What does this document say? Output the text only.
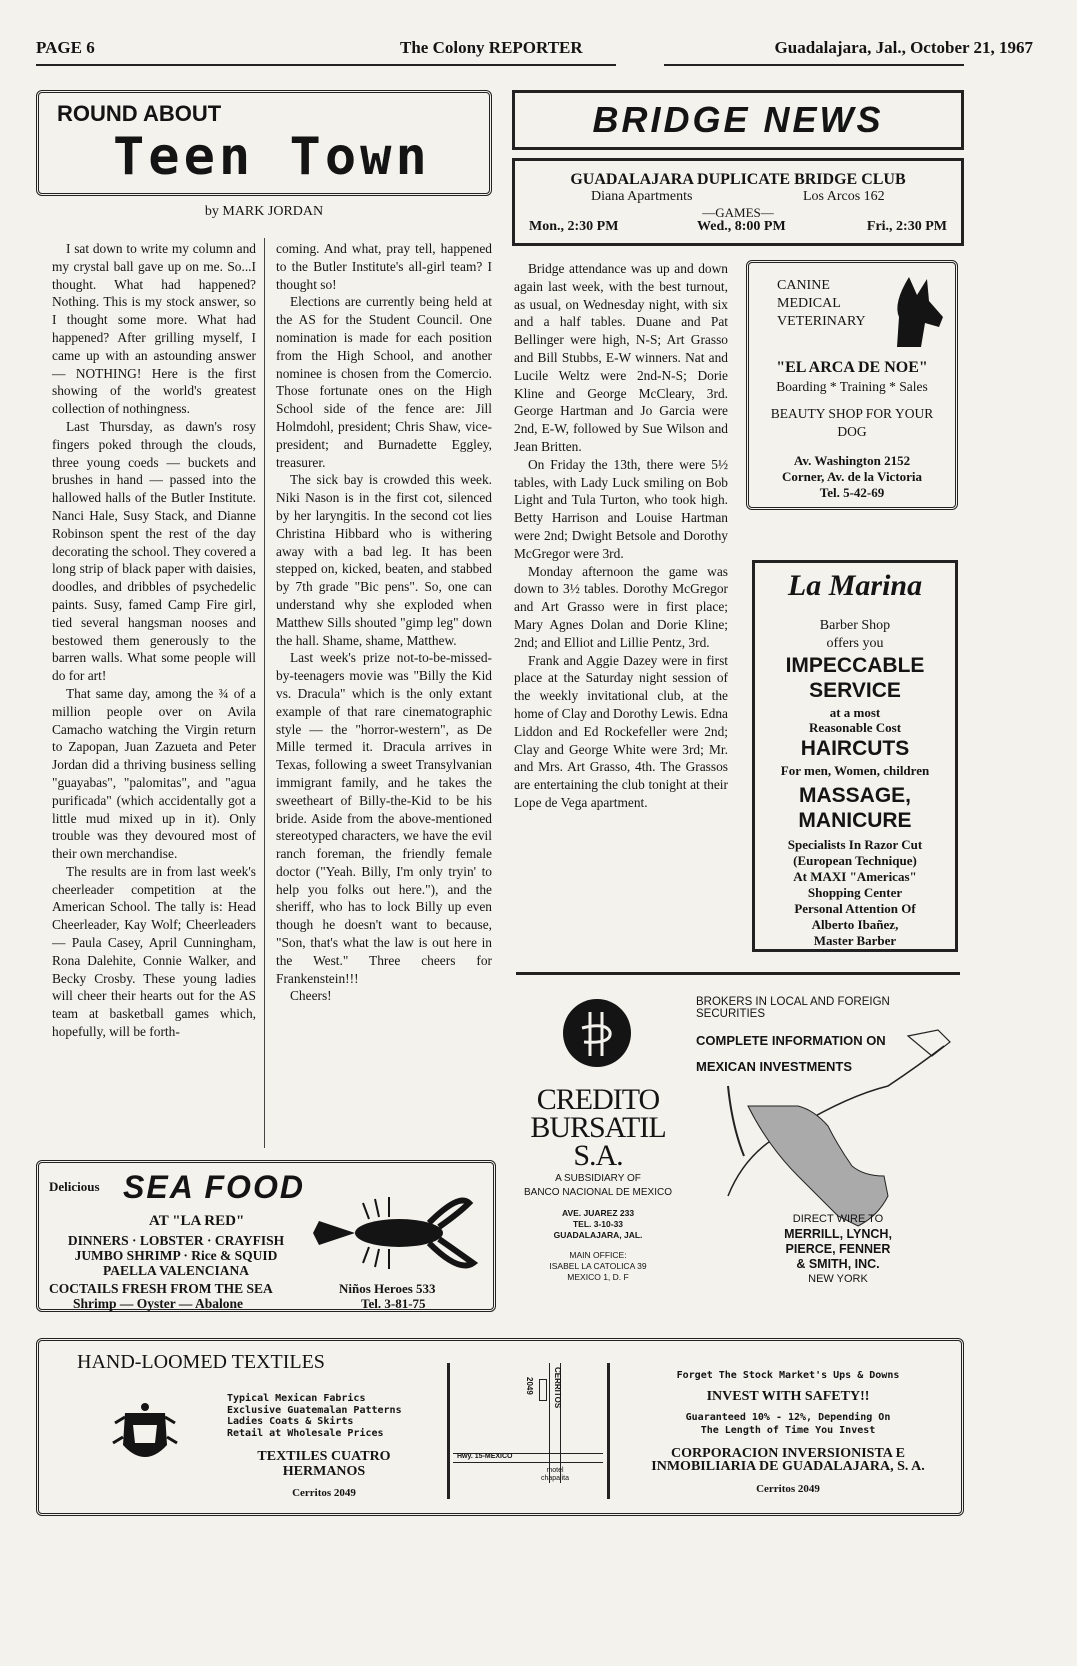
PAGE 6	The Colony REPORTER	Guadalajara, Jal., October 21, 1967
ROUND ABOUT
Teen Town
by MARK JORDAN

I sat down to write my column and my crystal ball gave up on me. So...I thought. What had happened? Nothing. This is my stock answer, so I thought some more. What had happened? After grilling myself, I came up with an astounding answer — NOTHING! Here is the first showing of the world's greatest collection of nothingness.

Last Thursday, as dawn's rosy fingers poked through the clouds, three young coeds — buckets and brushes in hand — passed into the hallowed halls of the Butler Institute. Nanci Hale, Susy Stack, and Dianne Robinson spent the rest of the day decorating the school. They covered a long strip of black paper with daisies, doodles, and dribbles of psychedelic paints. Susy, famed Camp Fire girl, tied several hangsman nooses and bestowed them generously to the barren walls. What some people will do for art!

That same day, among the ¾ of a million people over on Avila Camacho watching the Virgin return to Zapopan, Juan Zazueta and Peter Jordan did a thriving business selling "guayabas", "palomitas", and "agua purificada" (which accidentally got a little mud mixed up in it). Only trouble was they devoured most of their own merchandise.

The results are in from last week's cheerleader competition at the American School. The tally is: Head Cheerleader, Kay Wolf; Cheerleaders — Paula Casey, April Cunningham, Rona Dalehite, Connie Walker, and Becky Crosby. These young ladies will cheer their hearts out for the AS team at basketball games which, hopefully, will be forth-

coming. And what, pray tell, happened to the Butler Institute's all-girl team? I thought so!

Elections are currently being held at the AS for the Student Council. One nomination is made for each position from the High School, and another nominee is chosen from the Comercio. Those fortunate ones on the High School side of the fence are: Jill Holmdohl, president; Chris Shaw, vice-president; and Burnadette Eggley, treasurer.

The sick bay is crowded this week. Niki Nason is in the first cot, silenced by her laryngitis. In the second cot lies Christina Hibbard who is withering away with a bad leg. It has been stepped on, kicked, beaten, and stabbed by 7th grade "Bic pens". So, one can understand why she exploded when Matthew Sills shouted "gimp leg" down the hall. Shame, shame, Matthew.

Last week's prize not-to-be-missed-by-teenagers movie was "Billy the Kid vs. Dracula" which is the only extant example of that rare cinematographic style — the "horror-western", as De Mille termed it. Dracula arrives in Texas, following a sweet Transylvanian immigrant family, and he takes the sweetheart of Billy-the-Kid to be his bride. Aside from the above-mentioned stereotyped characters, we have the evil ranch foreman, the friendly female doctor ("Yeah. Billy, I'm only tryin' to help you folks out here."), and the sheriff, who has to lock Billy up even though he doesn't want to because, "Son, that's what the law is out here in the West." Three cheers for Frankenstein!!!

Cheers!

BRIDGE NEWS
GUADALAJARA DUPLICATE BRIDGE CLUB
Diana Apartments	Los Arcos 162
—GAMES—
Mon., 2:30 PM	Wed., 8:00 PM	Fri., 2:30 PM

Bridge attendance was up and down again last week, with the best turnout, as usual, on Wednesday night, with six and a half tables. Duane and Pat Bellinger were high, N-S; Art Grasso and Bill Stubbs, E-W winners. Nat and Lucile Weltz were 2nd-N-S; Dorie Kline and George McCleary, 3rd. George Hartman and Jo Garcia were 2nd, E-W, followed by Sue Wilson and Jean Britten.

On Friday the 13th, there were 5½ tables, with Lady Luck smiling on Bob Light and Tula Turton, who took high. Betty Harrison and Louise Hartman were 2nd; Dwight Betsole and Dorothy McGregor were 3rd.

Monday afternoon the game was down to 3½ tables. Dorothy McGregor and Art Grasso were in first place; Mary Agnes Dolan and Dorie Kline; 2nd; and Elliot and Lillie Pentz, 3rd.

Frank and Aggie Dazey were in first place at the Saturday night session of the weekly invitational club, at the home of Clay and Dorothy Lewis. Edna Liddon and Ed Rockefeller were 2nd; Clay and George White were 3rd; Mr. and Mrs. Art Grasso, 4th. The Grassos are entertaining the club tonight at their Lope de Vega apartment.

CANINE
MEDICAL
VETERINARY
"EL ARCA DE NOE"
Boarding * Training * Sales
BEAUTY SHOP FOR YOUR DOG
Av. Washington 2152
Corner, Av. de la Victoria
Tel. 5-42-69
La Marina
Barber Shop
offers you
IMPECCABLE
SERVICE
at a most
Reasonable Cost
HAIRCUTS
For men, Women, children
MASSAGE,
MANICURE
Specialists In Razor Cut
(European Technique)
At MAXI "Americas"
Shopping Center
Personal Attention Of
Alberto Ibañez,
Master Barber
BROKERS IN LOCAL AND FOREIGN SECURITIES
COMPLETE INFORMATION ON
MEXICAN INVESTMENTS
CREDITO
BURSATIL
S.A.
A SUBSIDIARY OF
BANCO NACIONAL DE MEXICO
AVE. JUAREZ 233
TEL. 3-10-33
GUADALAJARA, JAL.
MAIN OFFICE:
ISABEL LA CATOLICA 39
MEXICO 1, D. F
DIRECT WIRE TO
MERRILL, LYNCH,
PIERCE, FENNER
& SMITH, INC.
NEW YORK
Delicious SEA FOOD
AT "LA RED"
DINNERS · LOBSTER · CRAYFISH
JUMBO SHRIMP · Rice & SQUID
PAELLA VALENCIANA
COCTAILS FRESH FROM THE SEA
Shrimp — Oyster — Abalone
Niños Heroes 533
Tel. 3-81-75
HAND-LOOMED TEXTILES
Typical Mexican Fabrics
Exclusive Guatemalan Patterns
Ladies Coats & Skirts
Retail at Wholesale Prices
TEXTILES CUATRO
HERMANOS
Cerritos 2049
CERRITOS
2049
Hwy. 15-MEXICO
motel
chapalita
Forget The Stock Market's Ups & Downs
INVEST WITH SAFETY!!
Guaranteed 10% - 12%, Depending On
The Length of Time You Invest
CORPORACION INVERSIONISTA E
INMOBILIARIA DE GUADALAJARA, S. A.
Cerritos 2049
